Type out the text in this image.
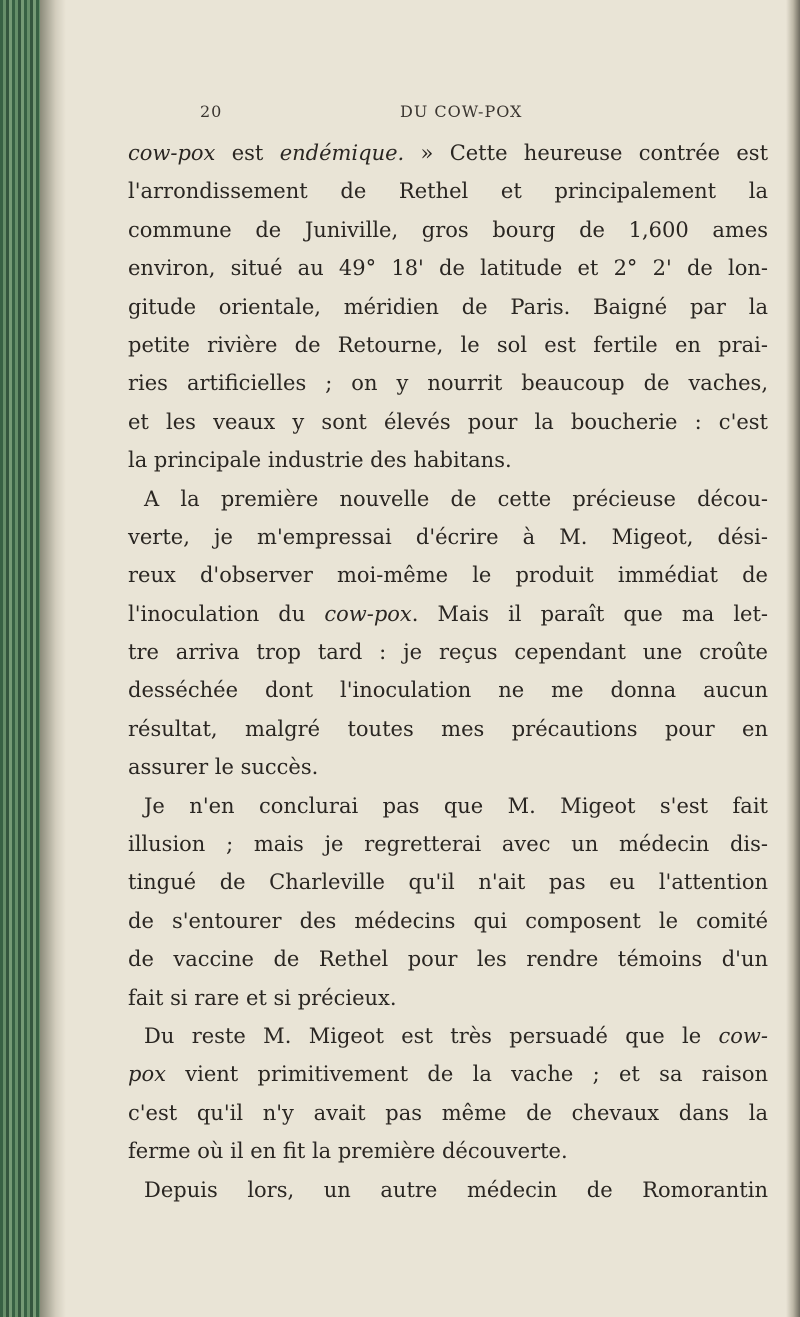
20	DU COW-POX
cow-pox est endémique. » Cette heureuse contrée est
l'arrondissement de Rethel et principalement la
commune de Juniville, gros bourg de 1,600 ames
environ, situé au 49° 18' de latitude et 2° 2' de lon-
gitude orientale, méridien de Paris. Baigné par la
petite rivière de Retourne, le sol est fertile en prai-
ries artificielles ; on y nourrit beaucoup de vaches,
et les veaux y sont élevés pour la boucherie : c'est
la principale industrie des habitans.
A la première nouvelle de cette précieuse décou-
verte, je m'empressai d'écrire à M. Migeot, dési-
reux d'observer moi-même le produit immédiat de
l'inoculation du cow-pox. Mais il paraît que ma let-
tre arriva trop tard : je reçus cependant une croûte
desséchée dont l'inoculation ne me donna aucun
résultat, malgré toutes mes précautions pour en
assurer le succès.
Je n'en conclurai pas que M. Migeot s'est fait
illusion ; mais je regretterai avec un médecin dis-
tingué de Charleville qu'il n'ait pas eu l'attention
de s'entourer des médecins qui composent le comité
de vaccine de Rethel pour les rendre témoins d'un
fait si rare et si précieux.
Du reste M. Migeot est très persuadé que le cow-
pox vient primitivement de la vache ; et sa raison
c'est qu'il n'y avait pas même de chevaux dans la
ferme où il en fit la première découverte.
Depuis lors, un autre médecin de Romorantin
